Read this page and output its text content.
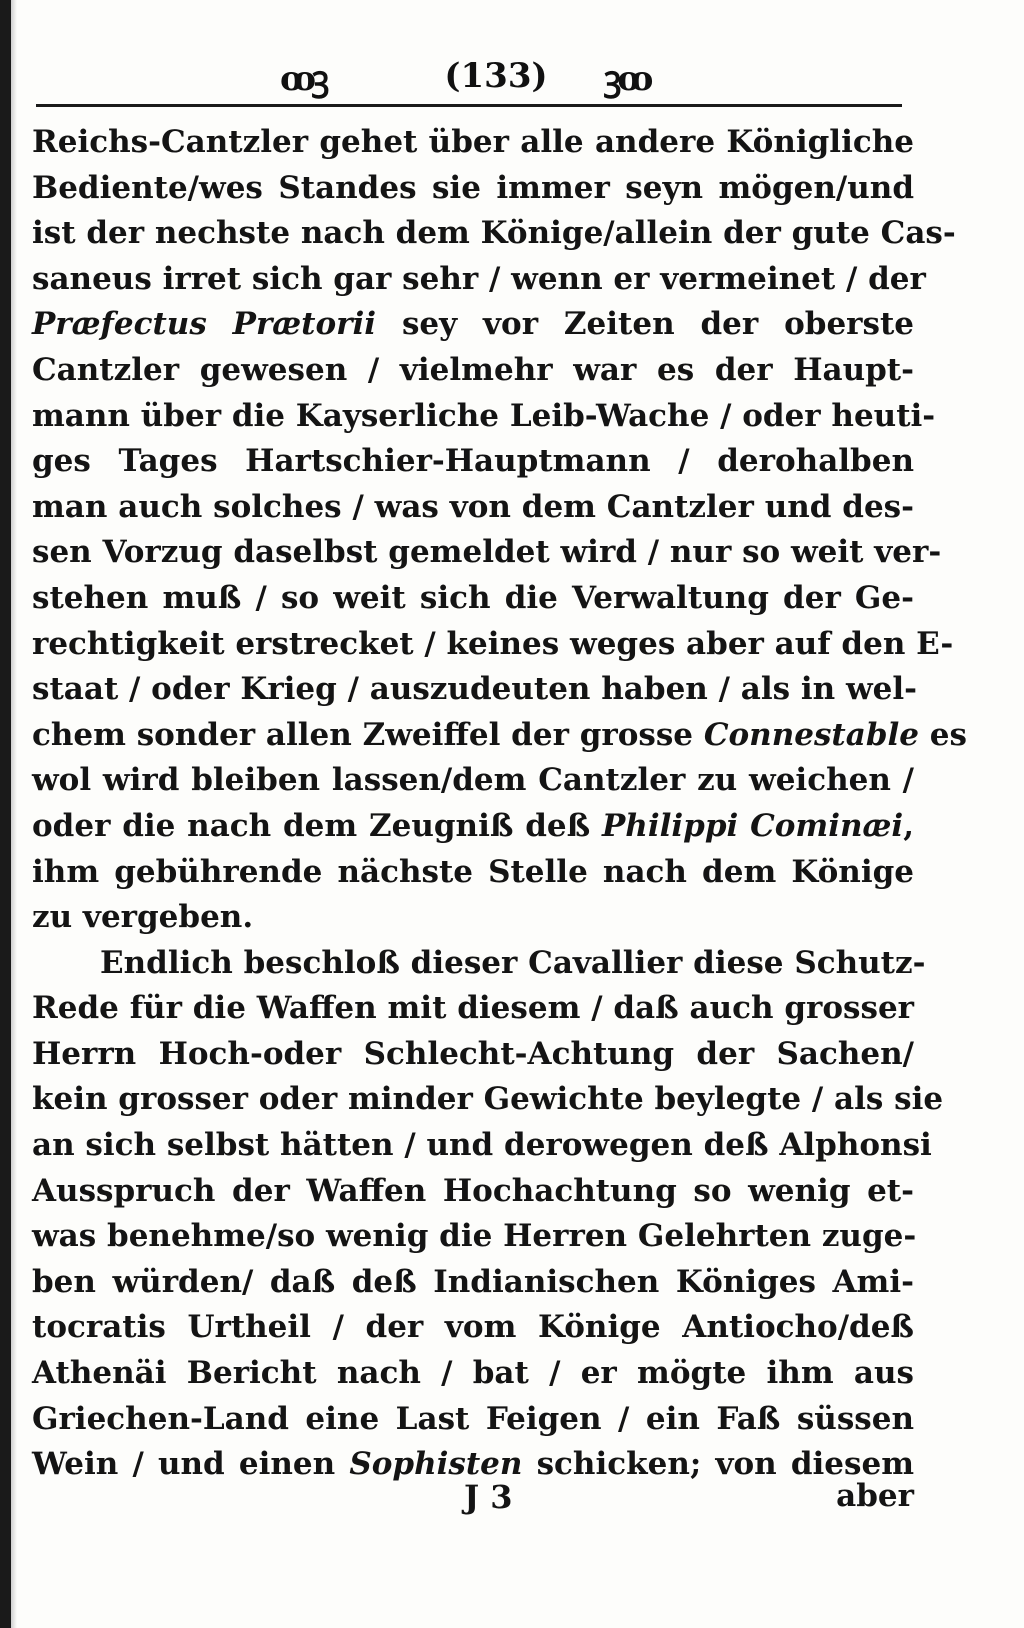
ꝏꝫ	(133)	ꝫꝏ
Reichs-Cantzler gehet über alle andere Königliche
Bediente/wes Standes sie immer seyn mögen/und
ist der nechste nach dem Könige/allein der gute Cas-
saneus irret sich gar sehr / wenn er vermeinet / der
Præfectus Prætorii sey vor Zeiten der oberste
Cantzler gewesen / vielmehr war es der Haupt-
mann über die Kayserliche Leib-Wache / oder heuti-
ges Tages Hartschier-Hauptmann / derohalben
man auch solches / was von dem Cantzler und des-
sen Vorzug daselbst gemeldet wird / nur so weit ver-
stehen muß / so weit sich die Verwaltung der Ge-
rechtigkeit erstrecket / keines weges aber auf den E-
staat / oder Krieg / auszudeuten haben / als in wel-
chem sonder allen Zweiffel der grosse Connestable es
wol wird bleiben lassen/dem Cantzler zu weichen /
oder die nach dem Zeugniß deß Philippi Cominæi,
ihm gebührende nächste Stelle nach dem Könige
zu vergeben.
Endlich beschloß dieser Cavallier diese Schutz-
Rede für die Waffen mit diesem / daß auch grosser
Herrn Hoch-oder Schlecht-Achtung der Sachen/
kein grosser oder minder Gewichte beylegte / als sie
an sich selbst hätten / und derowegen deß Alphonsi
Ausspruch der Waffen Hochachtung so wenig et-
was benehme/so wenig die Herren Gelehrten zuge-
ben würden/ daß deß Indianischen Königes Ami-
tocratis Urtheil / der vom Könige Antiocho/deß
Athenäi Bericht nach / bat / er mögte ihm aus
Griechen-Land eine Last Feigen / ein Faß süssen
Wein / und einen Sophisten schicken; von diesem
J 3	aber
